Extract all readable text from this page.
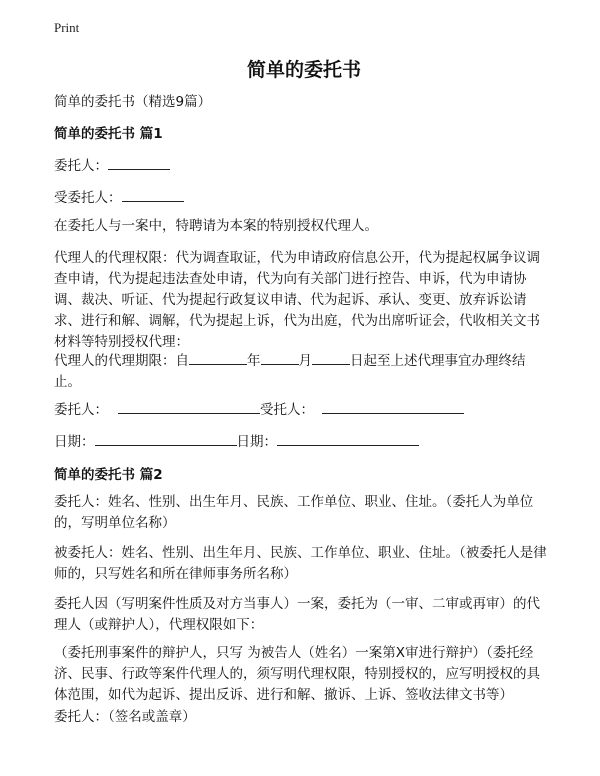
Print
简单的委托书
简单的委托书（精选9篇）
简单的委托书 篇1
委托人：
受委托人：
在委托人与一案中，特聘请为本案的特别授权代理人。
代理人的代理权限：代为调查取证，代为申请政府信息公开，代为提起权属争议调查申请，代为提起违法查处申请，代为向有关部门进行控告、申诉，代为申请协调、裁决、听证、代为提起行政复议申请、代为起诉、承认、变更、放弃诉讼请求、进行和解、调解，代为提起上诉，代为出庭，代为出席听证会，代收相关文书材料等特别授权代理：
代理人的代理期限：自	年	月	日起至上述代理事宜办理终结止。
委托人：	受托人：
日期：	日期：
简单的委托书 篇2
委托人：姓名、性别、出生年月、民族、工作单位、职业、住址。（委托人为单位的，写明单位名称）
被委托人：姓名、性别、出生年月、民族、工作单位、职业、住址。（被委托人是律师的，只写姓名和所在律师事务所名称）
委托人因（写明案件性质及对方当事人）一案，委托为（一审、二审或再审）的代理人（或辩护人），代理权限如下：
（委托刑事案件的辩护人，只写 为被告人（姓名）一案第X审进行辩护）（委托经济、民事、行政等案件代理人的，须写明代理权限，特别授权的，应写明授权的具体范围，如代为起诉、提出反诉、进行和解、撤诉、上诉、签收法律文书等）
委托人：（签名或盖章）
